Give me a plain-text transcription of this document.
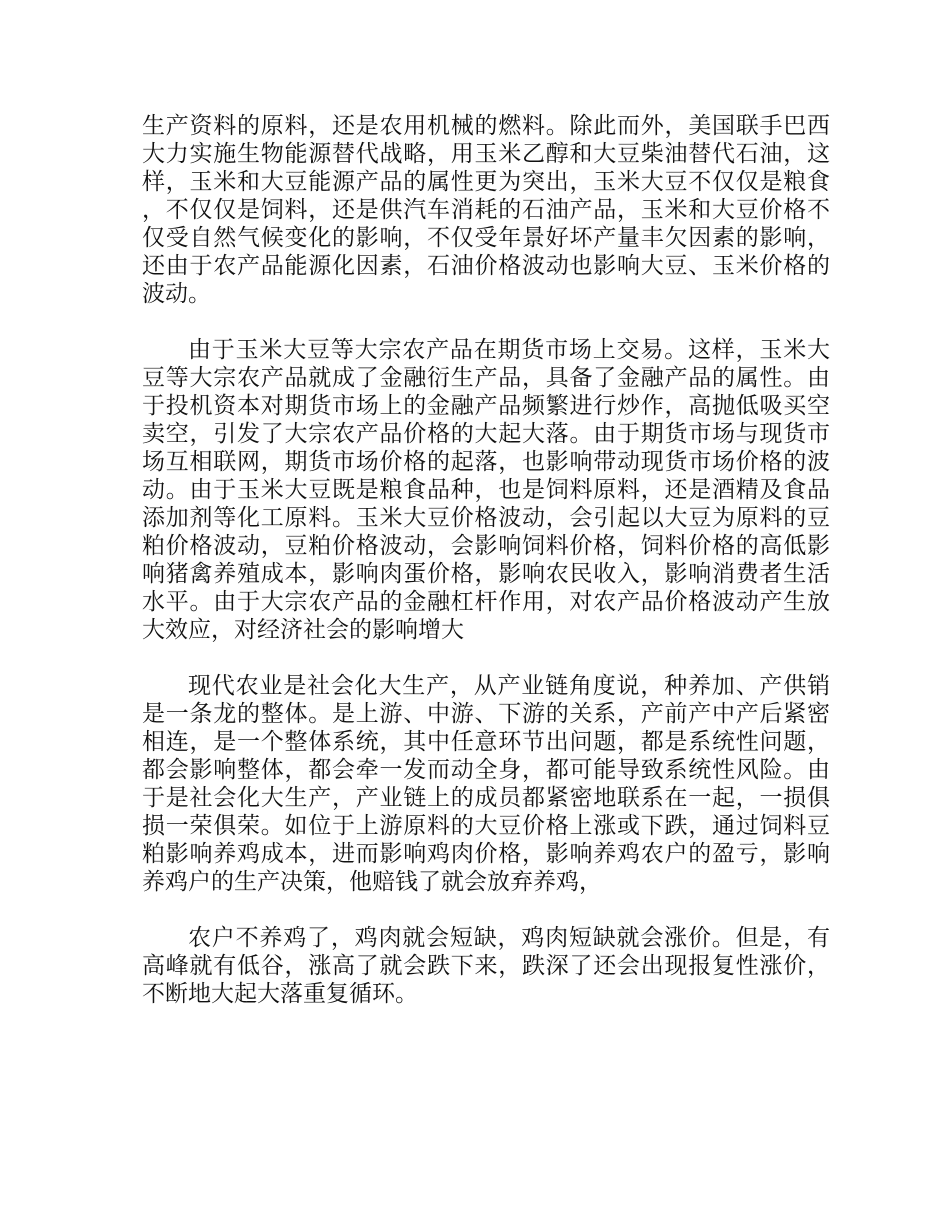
生产资料的原料，还是农用机械的燃料。除此而外，美国联手巴西大力实施生物能源替代战略，用玉米乙醇和大豆柴油替代石油，这样，玉米和大豆能源产品的属性更为突出，玉米大豆不仅仅是粮食，不仅仅是饲料，还是供汽车消耗的石油产品，玉米和大豆价格不仅受自然气候变化的影响，不仅受年景好坏产量丰欠因素的影响，还由于农产品能源化因素，石油价格波动也影响大豆、玉米价格的波动。

由于玉米大豆等大宗农产品在期货市场上交易。这样，玉米大豆等大宗农产品就成了金融衍生产品，具备了金融产品的属性。由于投机资本对期货市场上的金融产品频繁进行炒作，高抛低吸买空卖空，引发了大宗农产品价格的大起大落。由于期货市场与现货市场互相联网，期货市场价格的起落，也影响带动现货市场价格的波动。由于玉米大豆既是粮食品种，也是饲料原料，还是酒精及食品添加剂等化工原料。玉米大豆价格波动，会引起以大豆为原料的豆粕价格波动，豆粕价格波动，会影响饲料价格，饲料价格的高低影响猪禽养殖成本，影响肉蛋价格，影响农民收入，影响消费者生活水平。由于大宗农产品的金融杠杆作用，对农产品价格波动产生放大效应，对经济社会的影响增大

现代农业是社会化大生产，从产业链角度说，种养加、产供销是一条龙的整体。是上游、中游、下游的关系，产前产中产后紧密相连，是一个整体系统，其中任意环节出问题，都是系统性问题，都会影响整体，都会牵一发而动全身，都可能导致系统性风险。由于是社会化大生产，产业链上的成员都紧密地联系在一起，一损俱损一荣俱荣。如位于上游原料的大豆价格上涨或下跌，通过饲料豆粕影响养鸡成本，进而影响鸡肉价格，影响养鸡农户的盈亏，影响养鸡户的生产决策，他赔钱了就会放弃养鸡，

农户不养鸡了，鸡肉就会短缺，鸡肉短缺就会涨价。但是，有高峰就有低谷，涨高了就会跌下来，跌深了还会出现报复性涨价，不断地大起大落重复循环。
